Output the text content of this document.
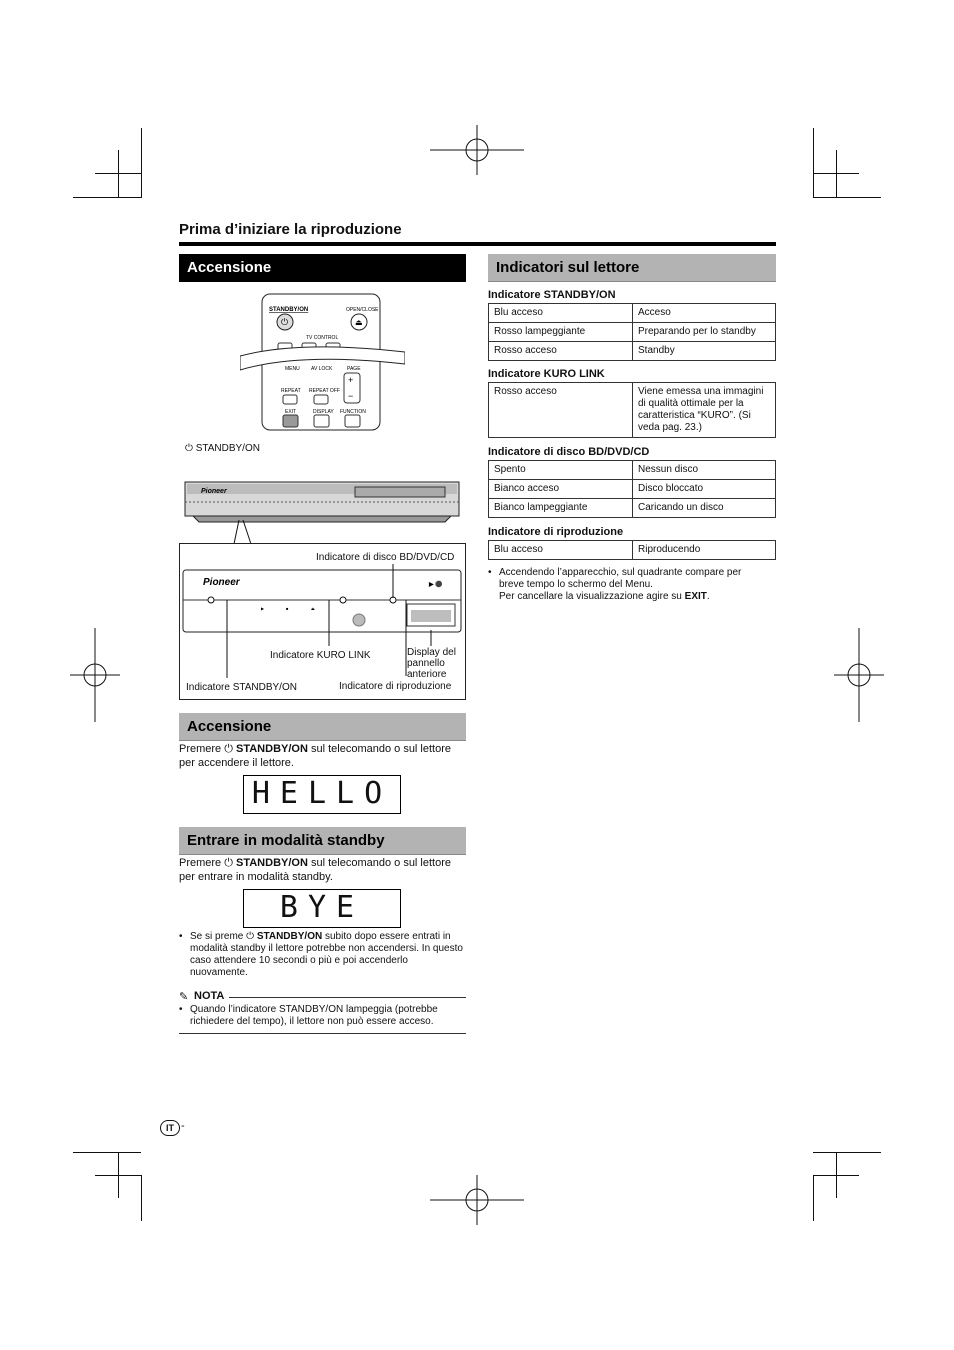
Prima d’iniziare la riproduzione
Accensione
STANDBY/ON	OPEN/CLOSE
⏻	⏏
TV CONTROL
MENU AV LOCK	PAGE
+
−
REPEAT REPEAT OFF
EXIT	DISPLAY FUNCTION
⏻ STANDBY/ON
Pioneer
Pioneer	▶ ⚫
▶	■	⏏
Indicatore di disco BD/DVD/CD
Indicatore KURO LINK	Display del pannello anteriore
Indicatore STANDBY/ON	Indicatore di riproduzione
Accensione
Premere ⏻ STANDBY/ON sul telecomando o sul lettore per accendere il lettore.
HELLO
Entrare in modalità standby
Premere ⏻ STANDBY/ON sul telecomando o sul lettore per entrare in modalità standby.
BYE
• Se si preme ⏻ STANDBY/ON subito dopo essere entrati in modalità standby il lettore potrebbe non accendersi. In questo caso attendere 10 secondi o più e poi accenderlo nuovamente.
✎ NOTA
• Quando l’indicatore STANDBY/ON lampeggia (potrebbe richiedere del tempo), il lettore non può essere acceso.
Indicatori sul lettore
Indicatore STANDBY/ON
Blu acceso	Acceso
Rosso lampeggiante	Preparando per lo standby
Rosso acceso	Standby
Indicatore KURO LINK
Rosso acceso	Viene emessa una immagini di qualità ottimale per la caratteristica “KURO”. (Si veda pag. 23.)
Indicatore di disco BD/DVD/CD
Spento	Nessun disco
Bianco acceso	Disco bloccato
Bianco lampeggiante	Caricando un disco
Indicatore di riproduzione
Blu acceso	Riproducendo
• Accendendo l’apparecchio, sul quadrante compare per breve tempo lo schermo del Menu.
Per cancellare la visualizzazione agire su EXIT.
IT -
